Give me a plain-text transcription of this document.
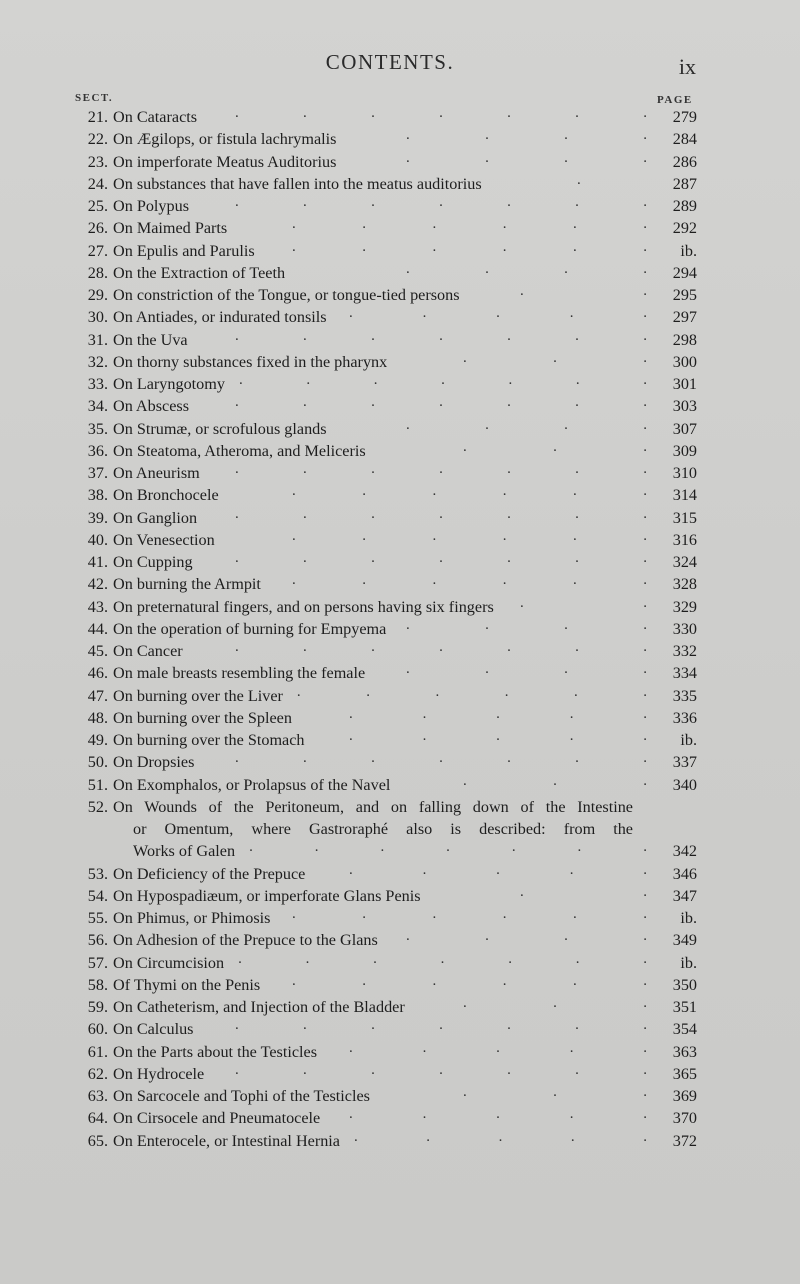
CONTENTS.	ix
SECT.	PAGE
21. On Cataracts	.	.	.	.	.	.	.	279
22. On Ægilops, or fistula lachrymalis	.	.	.	.	284
23. On imperforate Meatus Auditorius	.	.	.	.	286
24. On substances that have fallen into the meatus auditorius	.	287
25. On Polypus	.	.	.	.	.	.	.	289
26. On Maimed Parts	.	.	.	.	.	.	292
27. On Epulis and Parulis	.	.	.	.	.	.	ib.
28. On the Extraction of Teeth	.	.	.	.	294
29. On constriction of the Tongue, or tongue-tied persons	.	.	295
30. On Antiades, or indurated tonsils	.	.	.	.	.	297
31. On the Uva	.	.	.	.	.	.	.	298
32. On thorny substances fixed in the pharynx	.	.	.	300
33. On Laryngotomy .	.	.	.	.	.	.	301
34. On Abscess	.	.	.	.	.	.	.	303
35. On Strumæ, or scrofulous glands	.	.	.	.	307
36. On Steatoma, Atheroma, and Meliceris	.	.	.	309
37. On Aneurism	.	.	.	.	.	.	.	310
38. On Bronchocele	.	.	.	.	.	.	314
39. On Ganglion	.	.	.	.	.	.	.	315
40. On Venesection	.	.	.	.	.	.	316
41. On Cupping	.	.	.	.	.	.	.	324
42. On burning the Armpit	.	.	.	.	.	.	328
43. On preternatural fingers, and on persons having six fingers	.	.	329
44. On the operation of burning for Empyema	.	.	.	.	330
45. On Cancer	.	.	.	.	.	.	.	332
46. On male breasts resembling the female	.	.	.	.	334
47. On burning over the Liver .	.	.	.	.	.	335
48. On burning over the Spleen	.	.	.	.	.	336
49. On burning over the Stomach	.	.	.	.	.	ib.
50. On Dropsies	.	.	.	.	.	.	.	337
51. On Exomphalos, or Prolapsus of the Navel	.	.	.	340
52. On Wounds of the Peritoneum, and on falling down of the Intestine
or Omentum, where Gastroraphé also is described: from the
Works of Galen .	.	.	.	.	.	.	342
53. On Deficiency of the Prepuce	.	.	.	.	.	346
54. On Hypospadiæum, or imperforate Glans Penis	.	.	347
55. On Phimus, or Phimosis	.	.	.	.	.	.	ib.
56. On Adhesion of the Prepuce to the Glans	.	.	.	.	349
57. On Circumcision .	.	.	.	.	.	.	ib.
58. Of Thymi on the Penis	.	.	.	.	.	.	350
59. On Catheterism, and Injection of the Bladder	.	.	.	351
60. On Calculus	.	.	.	.	.	.	.	354
61. On the Parts about the Testicles	.	.	.	.	.	363
62. On Hydrocele	.	.	.	.	.	.	.	365
63. On Sarcocele and Tophi of the Testicles	.	.	.	369
64. On Cirsocele and Pneumatocele	.	.	.	.	.	370
65. On Enterocele, or Intestinal Hernia .	.	.	.	.	372
